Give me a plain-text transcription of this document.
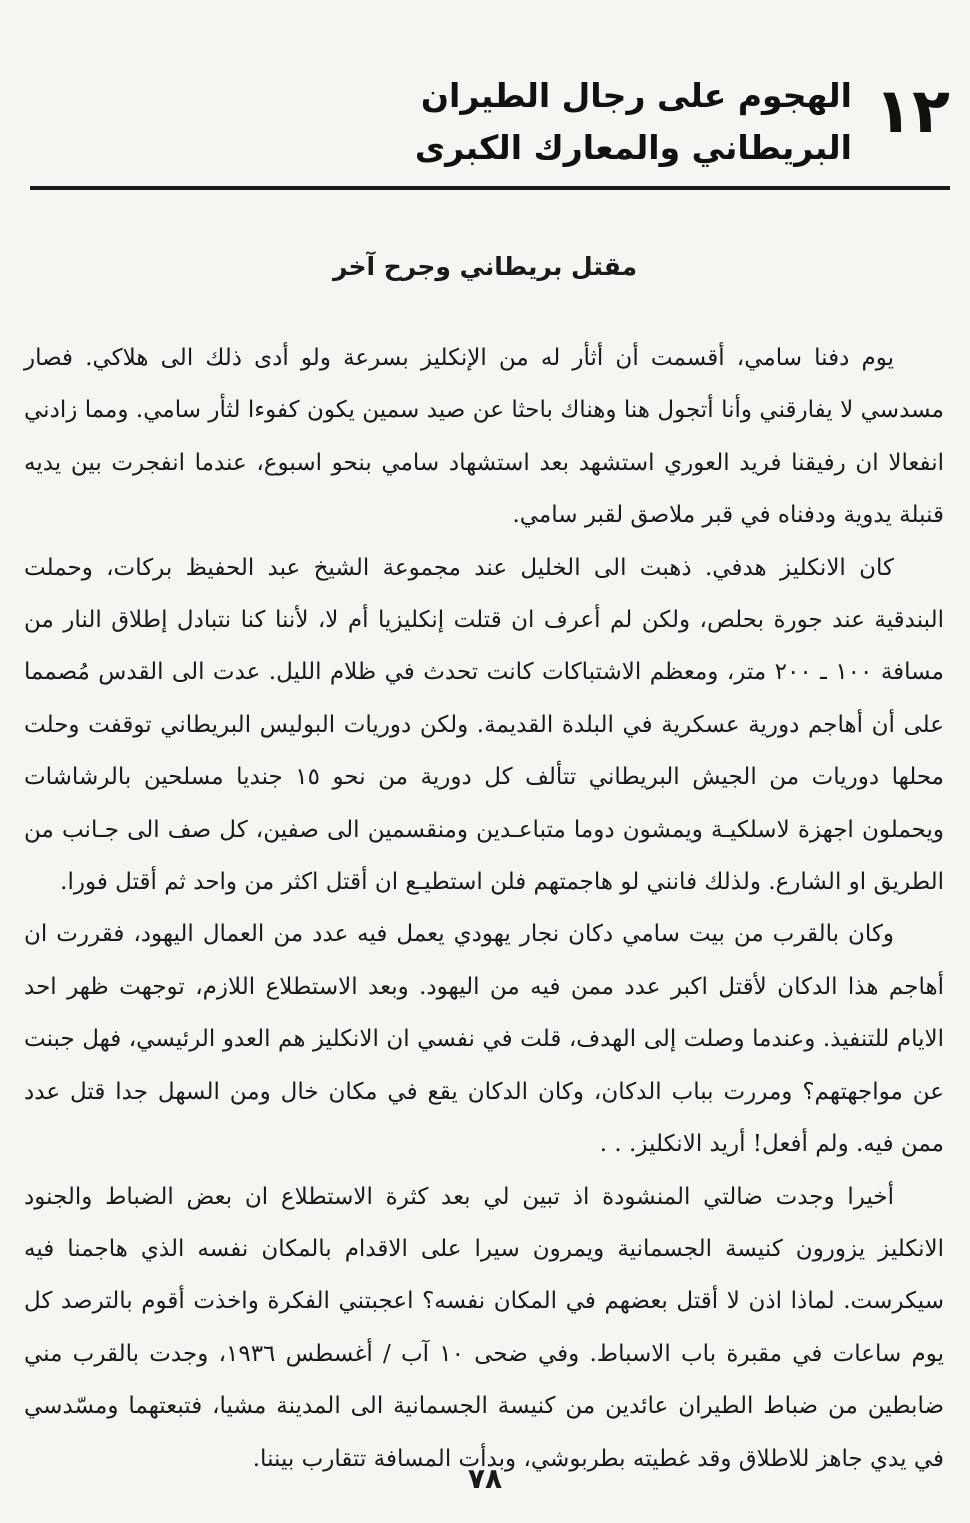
١٢
الهجوم على رجال الطيران البريطاني والمعارك الكبرى
مقتل بريطاني وجرح آخر

يوم دفنا سامي، أقسمت أن أثأر له من الإنكليز بسرعة ولو أدى ذلك الى هلاكي. فصار مسدسي لا يفارقني وأنا أتجول هنا وهناك باحثا عن صيد سمين يكون كفوءا لثأر سامي. ومما زادني انفعالا ان رفيقنا فريد العوري استشهد بعد استشهاد سامي بنحو اسبوع، عندما انفجرت بين يديه قنبلة يدوية ودفناه في قبر ملاصق لقبر سامي.

كان الانكليز هدفي. ذهبت الى الخليل عند مجموعة الشيخ عبد الحفيظ بركات، وحملت البندقية عند جورة بحلص، ولكن لم أعرف ان قتلت إنكليزيا أم لا، لأننا كنا نتبادل إطلاق النار من مسافة ١٠٠ ـ ٢٠٠ متر، ومعظم الاشتباكات كانت تحدث في ظلام الليل. عدت الى القدس مُصمما على أن أهاجم دورية عسكرية في البلدة القديمة. ولكن دوريات البوليس البريطاني توقفت وحلت محلها دوريات من الجيش البريطاني تتألف كل دورية من نحو ١٥ جنديا مسلحين بالرشاشات ويحملون اجهزة لاسلكيـة ويمشون دوما متباعـدين ومنقسمين الى صفين، كل صف الى جـانب من الطريق او الشارع. ولذلك فانني لو هاجمتهم فلن استطيـع ان أقتل اكثر من واحد ثم أقتل فورا.

وكان بالقرب من بيت سامي دكان نجار يهودي يعمل فيه عدد من العمال اليهود، فقررت ان أهاجم هذا الدكان لأقتل اكبر عدد ممن فيه من اليهود. وبعد الاستطلاع اللازم، توجهت ظهر احد الايام للتنفيذ. وعندما وصلت إلى الهدف، قلت في نفسي ان الانكليز هم العدو الرئيسي، فهل جبنت عن مواجهتهم؟ ومررت بباب الدكان، وكان الدكان يقع في مكان خال ومن السهل جدا قتل عدد ممن فيه. ولم أفعل! أريد الانكليز. . .

أخيرا وجدت ضالتي المنشودة اذ تبين لي بعد كثرة الاستطلاع ان بعض الضباط والجنود الانكليز يزورون كنيسة الجسمانية ويمرون سيرا على الاقدام بالمكان نفسه الذي هاجمنا فيه سيكرست. لماذا اذن لا أقتل بعضهم في المكان نفسه؟ اعجبتني الفكرة واخذت أقوم بالترصد كل يوم ساعات في مقبرة باب الاسباط. وفي ضحى ١٠ آب / أغسطس ١٩٣٦، وجدت بالقرب مني ضابطين من ضباط الطيران عائدين من كنيسة الجسمانية الى المدينة مشيا، فتبعتهما ومسّدسي في يدي جاهز للاطلاق وقد غطيته بطربوشي، وبدأت المسافة تتقارب بيننا.

٧٨
